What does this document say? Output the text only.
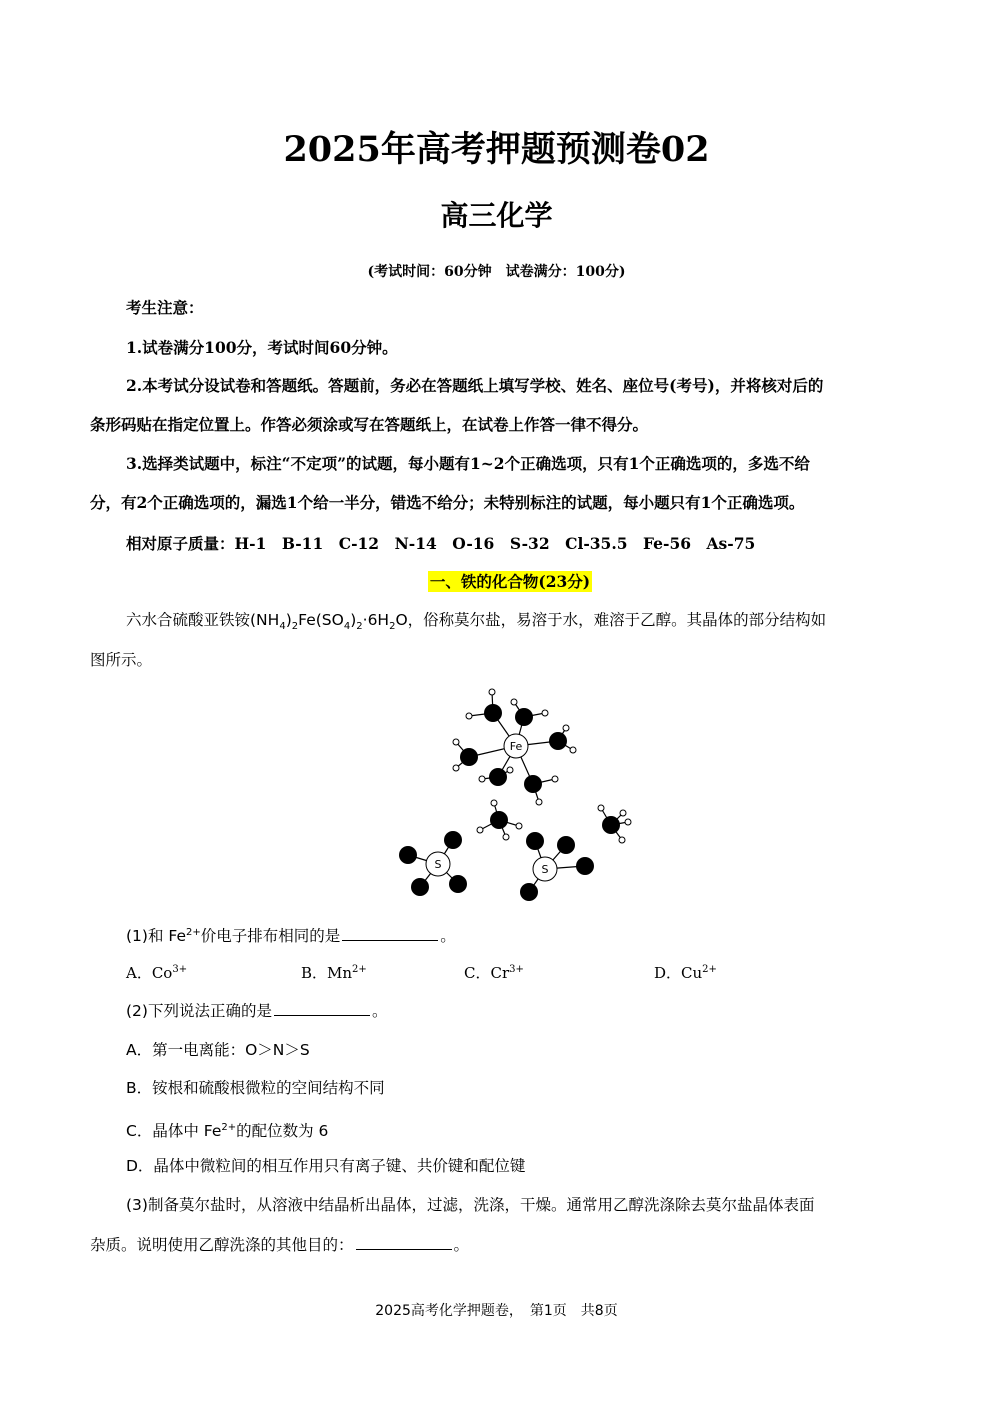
2025年高考押题预测卷02
高三化学
(考试时间：60分钟　试卷满分：100分)
考生注意：
1.试卷满分100分，考试时间60分钟。
2.本考试分设试卷和答题纸。答题前，务必在答题纸上填写学校、姓名、座位号(考号)，并将核对后的
条形码贴在指定位置上。作答必须涂或写在答题纸上，在试卷上作答一律不得分。
3.选择类试题中，标注“不定项”的试题，每小题有1~2个正确选项，只有1个正确选项的，多选不给
分，有2个正确选项的，漏选1个给一半分，错选不给分；未特别标注的试题，每小题只有1个正确选项。
相对原子质量：H-1　B-11　C-12　N-14　O-16　S-32　Cl-35.5　Fe-56　As-75
一、铁的化合物(23分)
六水合硫酸亚铁铵$(NH_4)_2Fe(SO_4)_2\cdot 6H_2O$，俗称莫尔盐，易溶于水，难溶于乙醇。其晶体的部分结构如
图所示。
Fe
S	S
(1)和 $Fe^{2+}$价电子排布相同的是	。
A．$Co^{3+}$	B．$Mn^{2+}$	C．$Cr^{3+}$	D．$Cu^{2+}$
(2)下列说法正确的是	。
A．第一电离能：O＞N＞S
B．铵根和硫酸根微粒的空间结构不同
C．晶体中 $Fe^{2+}$的配位数为 6
D．晶体中微粒间的相互作用只有离子键、共价键和配位键
(3)制备莫尔盐时，从溶液中结晶析出晶体，过滤，洗涤，干燥。通常用乙醇洗涤除去莫尔盐晶体表面
杂质。说明使用乙醇洗涤的其他目的：	。
2025高考化学押题卷，　第1页　共8页
